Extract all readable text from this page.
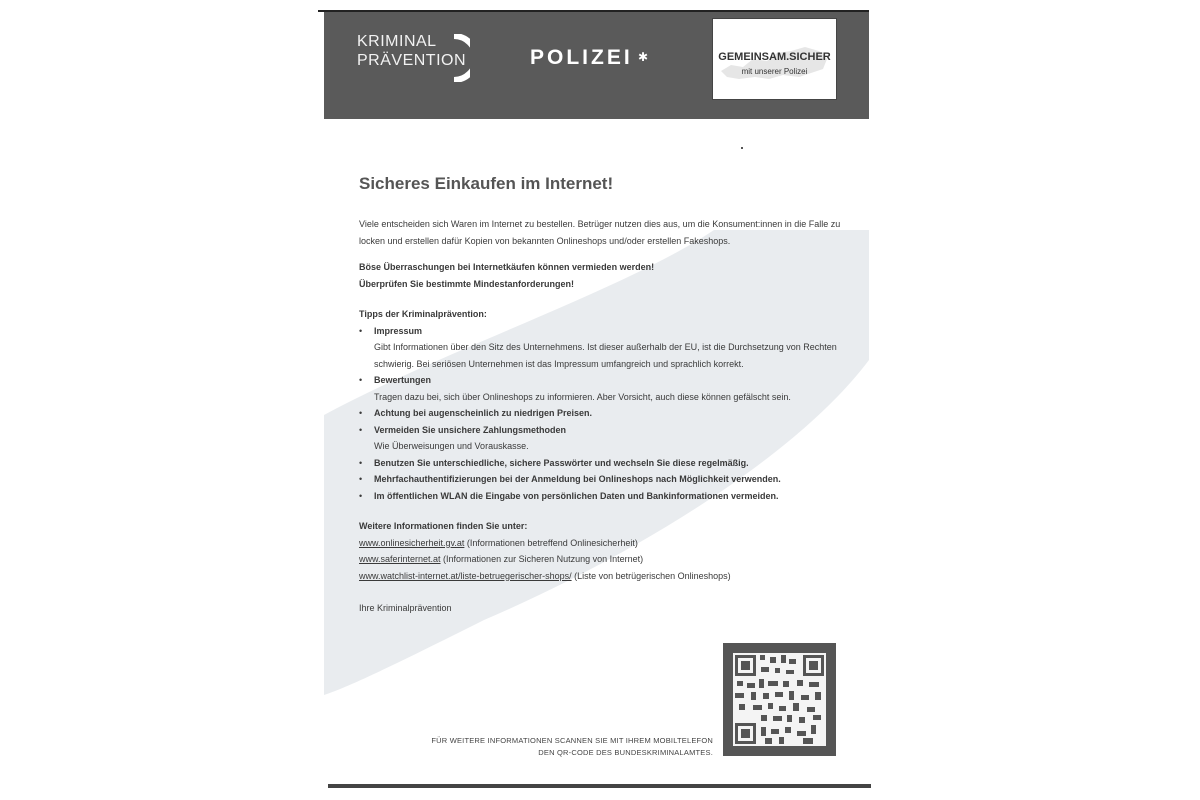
KRIMINAL
PRÄVENTION	POLIZEI ✱	GEMEINSAM.SICHER
mit unserer Polizei
Sicheres Einkaufen im Internet!
Viele entscheiden sich Waren im Internet zu bestellen. Betrüger nutzen dies aus, um die Konsument:innen in die Falle zu locken und erstellen dafür Kopien von bekannten Onlineshops und/oder erstellen Fakeshops.
Böse Überraschungen bei Internetkäufen können vermieden werden!
Überprüfen Sie bestimmte Mindestanforderungen!
Tipps der Kriminalprävention:
• Impressum
Gibt Informationen über den Sitz des Unternehmens. Ist dieser außerhalb der EU, ist die Durchsetzung von Rechten schwierig. Bei seriösen Unternehmen ist das Impressum umfangreich und sprachlich korrekt.
• Bewertungen
Tragen dazu bei, sich über Onlineshops zu informieren. Aber Vorsicht, auch diese können gefälscht sein.
• Achtung bei augenscheinlich zu niedrigen Preisen.
• Vermeiden Sie unsichere Zahlungsmethoden
Wie Überweisungen und Vorauskasse.
• Benutzen Sie unterschiedliche, sichere Passwörter und wechseln Sie diese regelmäßig.
• Mehrfachauthentifizierungen bei der Anmeldung bei Onlineshops nach Möglichkeit verwenden.
• Im öffentlichen WLAN die Eingabe von persönlichen Daten und Bankinformationen vermeiden.
Weitere Informationen finden Sie unter:
www.onlinesicherheit.gv.at (Informationen betreffend Onlinesicherheit)
www.saferinternet.at (Informationen zur Sicheren Nutzung von Internet)
www.watchlist-internet.at/liste-betruegerischer-shops/ (Liste von betrügerischen Onlineshops)
Ihre Kriminalprävention
FÜR WEITERE INFORMATIONEN SCANNEN SIE MIT IHREM MOBILTELEFON
DEN QR-CODE DES BUNDESKRIMINALAMTES.
